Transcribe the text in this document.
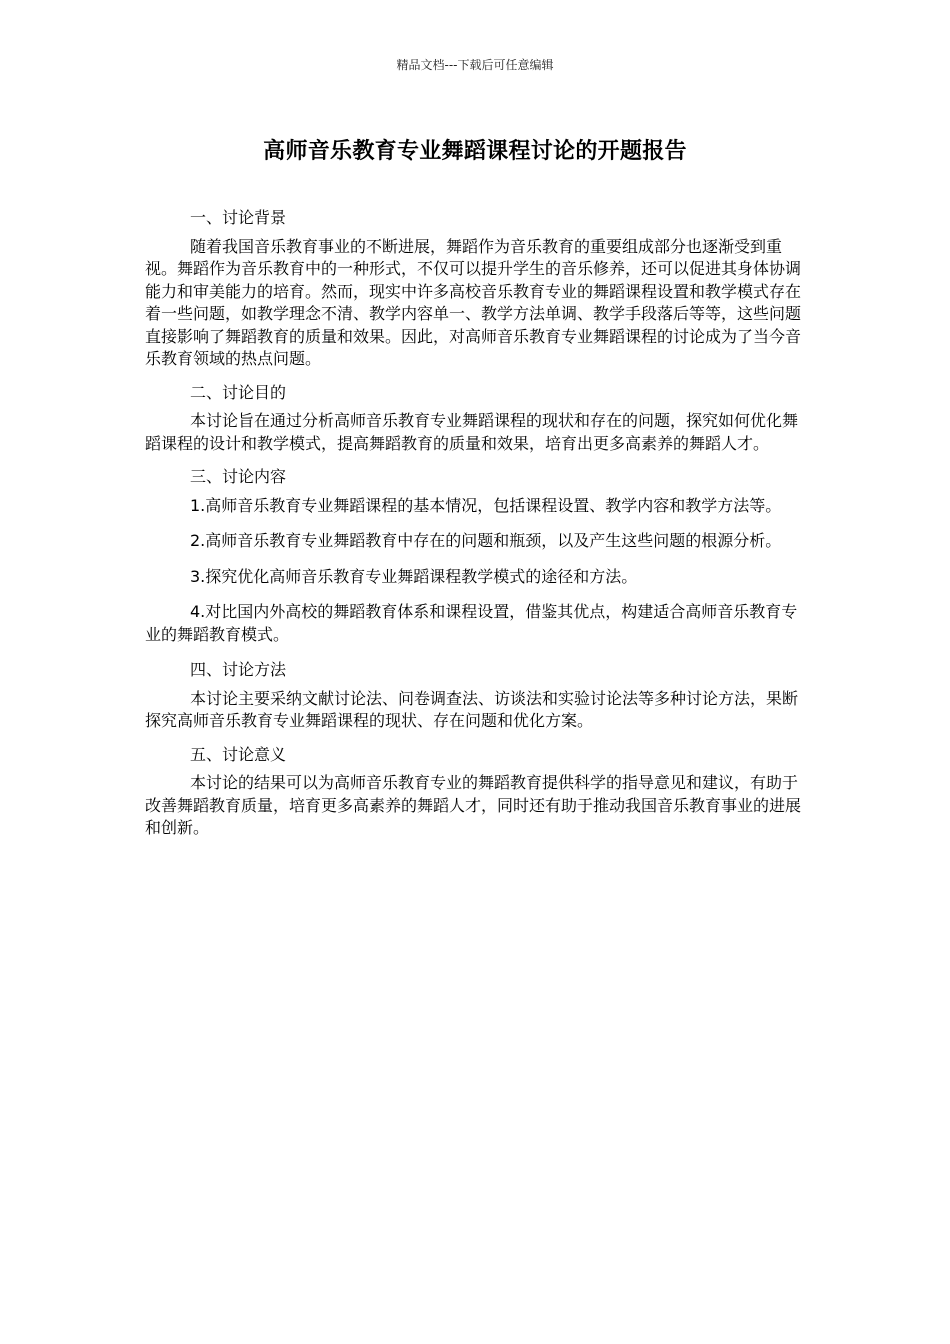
精品文档---下载后可任意编辑
高师音乐教育专业舞蹈课程讨论的开题报告
一、讨论背景

随着我国音乐教育事业的不断进展，舞蹈作为音乐教育的重要组成部分也逐渐受到重视。舞蹈作为音乐教育中的一种形式，不仅可以提升学生的音乐修养，还可以促进其身体协调能力和审美能力的培育。然而，现实中许多高校音乐教育专业的舞蹈课程设置和教学模式存在着一些问题，如教学理念不清、教学内容单一、教学方法单调、教学手段落后等等，这些问题直接影响了舞蹈教育的质量和效果。因此，对高师音乐教育专业舞蹈课程的讨论成为了当今音乐教育领域的热点问题。

二、讨论目的

本讨论旨在通过分析高师音乐教育专业舞蹈课程的现状和存在的问题，探究如何优化舞蹈课程的设计和教学模式，提高舞蹈教育的质量和效果，培育出更多高素养的舞蹈人才。

三、讨论内容

1.高师音乐教育专业舞蹈课程的基本情况，包括课程设置、教学内容和教学方法等。

2.高师音乐教育专业舞蹈教育中存在的问题和瓶颈，以及产生这些问题的根源分析。

3.探究优化高师音乐教育专业舞蹈课程教学模式的途径和方法。

4.对比国内外高校的舞蹈教育体系和课程设置，借鉴其优点，构建适合高师音乐教育专业的舞蹈教育模式。

四、讨论方法

本讨论主要采纳文献讨论法、问卷调查法、访谈法和实验讨论法等多种讨论方法，果断探究高师音乐教育专业舞蹈课程的现状、存在问题和优化方案。

五、讨论意义

本讨论的结果可以为高师音乐教育专业的舞蹈教育提供科学的指导意见和建议，有助于改善舞蹈教育质量，培育更多高素养的舞蹈人才，同时还有助于推动我国音乐教育事业的进展和创新。
